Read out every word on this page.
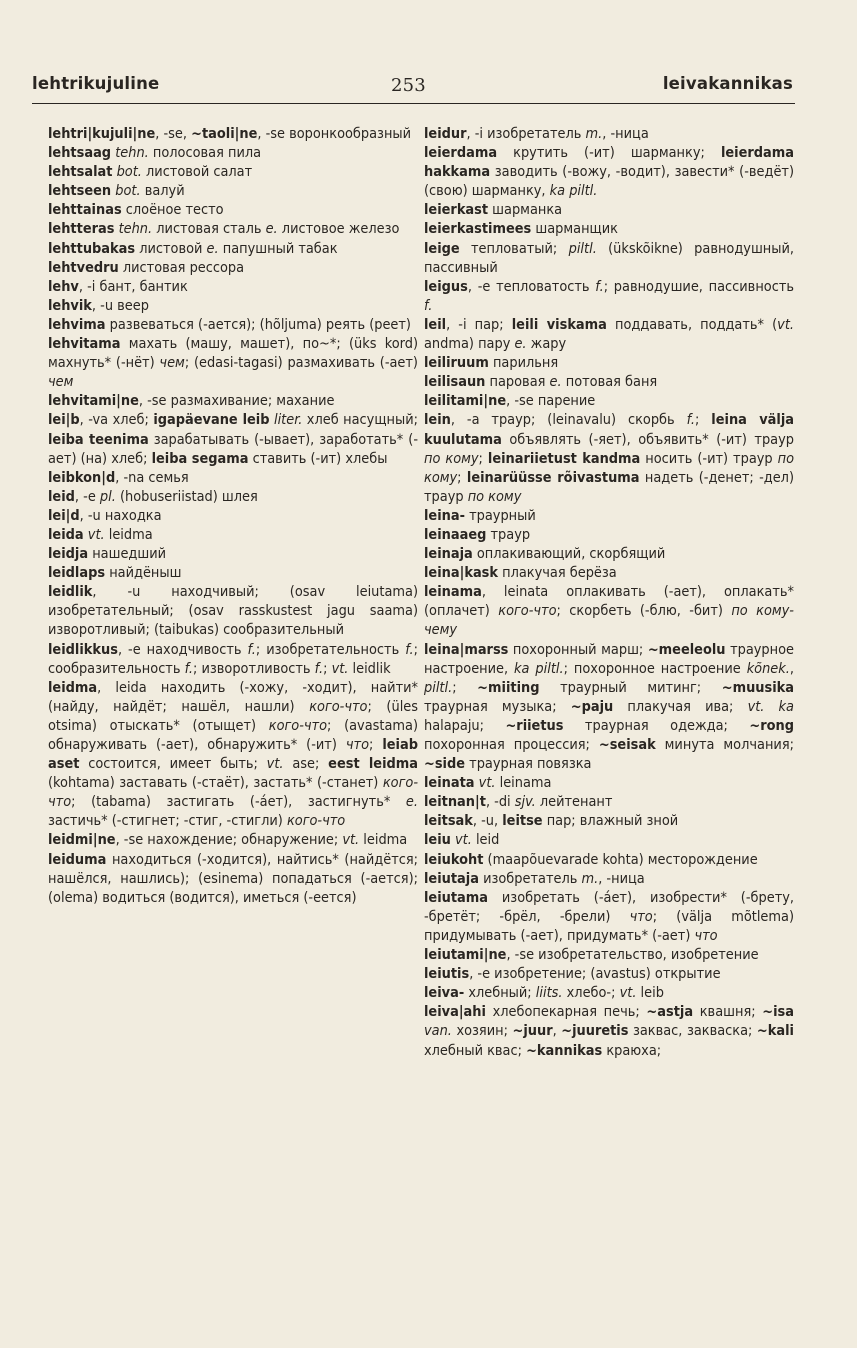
lehtrikujuline	253	leivakannikas

lehtri|kujuli|ne, -se, ~taoli|ne, -se воронкообразный

lehtsaag tehn. полосовая пила

lehtsalat bot. листовой салат

lehtseen bot. валуй

lehttainas слоёное тесто

lehtteras tehn. листовая сталь e. листовое железо

lehttubakas листовой e. папушный табак

lehtvedru листовая рессора

lehv, -i бант, бантик

lehvik, -u веер

lehvima развеваться (-ается); (hõljuma) реять (реет)

lehvitama махать (машу, машет), по~*; (üks kord) махнуть* (-нёт) чем; (edasi-tagasi) размахивать (-ает) чем

lehvitami|ne, -se размахивание; махание

lei|b, -va хлеб; igapäevane leib liter. хлеб насущный; leiba teenima зарабатывать (-ывает), заработать* (-ает) (на) хлеб; leiba segama ставить (-ит) хлебы

leibkon|d, -na семья

leid, -e pl. (hobuseriistad) шлея

lei|d, -u находка

leida vt. leidma

leidja нашедший

leidlaps найдёныш

leidlik, -u находчивый; (osav leiutama) изобретательный; (osav rasskustest jagu saama) изворотливый; (taibukas) сообразительный

leidlikkus, -e находчивость f.; изобретательность f.; сообразительность f.; изворотливость f.; vt. leidlik

leidma, leida находить (-хожу, -ходит), найти* (найду, найдёт; нашёл, нашли) кого-что; (üles otsima) отыскать* (отыщет) кого-что; (avastama) обнаруживать (-ает), обнаружить* (-ит) что; leiab aset состоится, имеет быть; vt. ase; eest leidma (kohtama) заставать (-стаёт), застать* (-станет) кого-что; (tabama) застигать (-áет), застигнуть* e. застичь* (-стигнет; -стиг, -стигли) кого-что

leidmi|ne, -se нахождение; обнаружение; vt. leidma

leiduma находиться (-ходится), найтись* (найдётся; нашёлся, нашлись); (esinema) попадаться (-ается); (olema) водиться (водится), иметься (-еется)

leidur, -i изобретатель m., -ница

leierdama крутить (-ит) шарманку; leierdama hakkama заводить (-вожу, -водит), завести* (-ведёт) (свою) шарманку, ka piltl.

leierkast шарманка

leierkastimees шарманщик

leige тепловатый; piltl. (ükskõikne) равнодушный, пассивный

leigus, -e тепловатость f.; равнодушие, пассивность f.

leil, -i пар; leili viskama поддавать, поддать* (vt. andma) пару e. жару

leiliruum парильня

leilisaun паровая e. потовая баня

leilitami|ne, -se парение

lein, -a траур; (leinavalu) скорбь f.; leina välja kuulutama объявлять (-яет), объявить* (-ит) траур по кому; leinariietust kandma носить (-ит) траур по кому; leinarüüsse rõivastuma надеть (-денет; -дел) траур по кому

leina- траурный

leinaaeg траур

leinaja оплакивающий, скорбящий

leina|kask плакучая берёза

leinama, leinata оплакивать (-ает), оплакать* (оплачет) кого-что; скорбеть (-блю, -бит) по кому-чему

leina|marss похоронный марш; ~meeleolu траурное настроение, ka piltl.; похоронное настроение kõnek., piltl.; ~miiting траурный митинг; ~muusika траурная музыка; ~paju плакучая ива; vt. ka halapaju; ~riietus траурная одежда; ~rong похоронная процессия; ~seisak минута молчания; ~side траурная повязка

leinata vt. leinama

leitnan|t, -di sjv. лейтенант

leitsak, -u, leitse пар; влажный зной

leiu vt. leid

leiukoht (maapõuevarade kohta) месторождение

leiutaja изобретатель m., -ница

leiutama изобретать (-áет), изобрести* (-брету, -бретёт; -брёл, -брели) что; (välja mõtlema) придумывать (-ает), придумать* (-ает) что

leiutami|ne, -se изобретательство, изобретение

leiutis, -e изобретение; (avastus) открытие

leiva- хлебный; liits. хлебо-; vt. leib

leiva|ahi хлебопекарная печь; ~astja квашня; ~isa van. хозяин; ~juur, ~juuretis заквас, закваска; ~kali хлебный квас; ~kannikas краюха;
